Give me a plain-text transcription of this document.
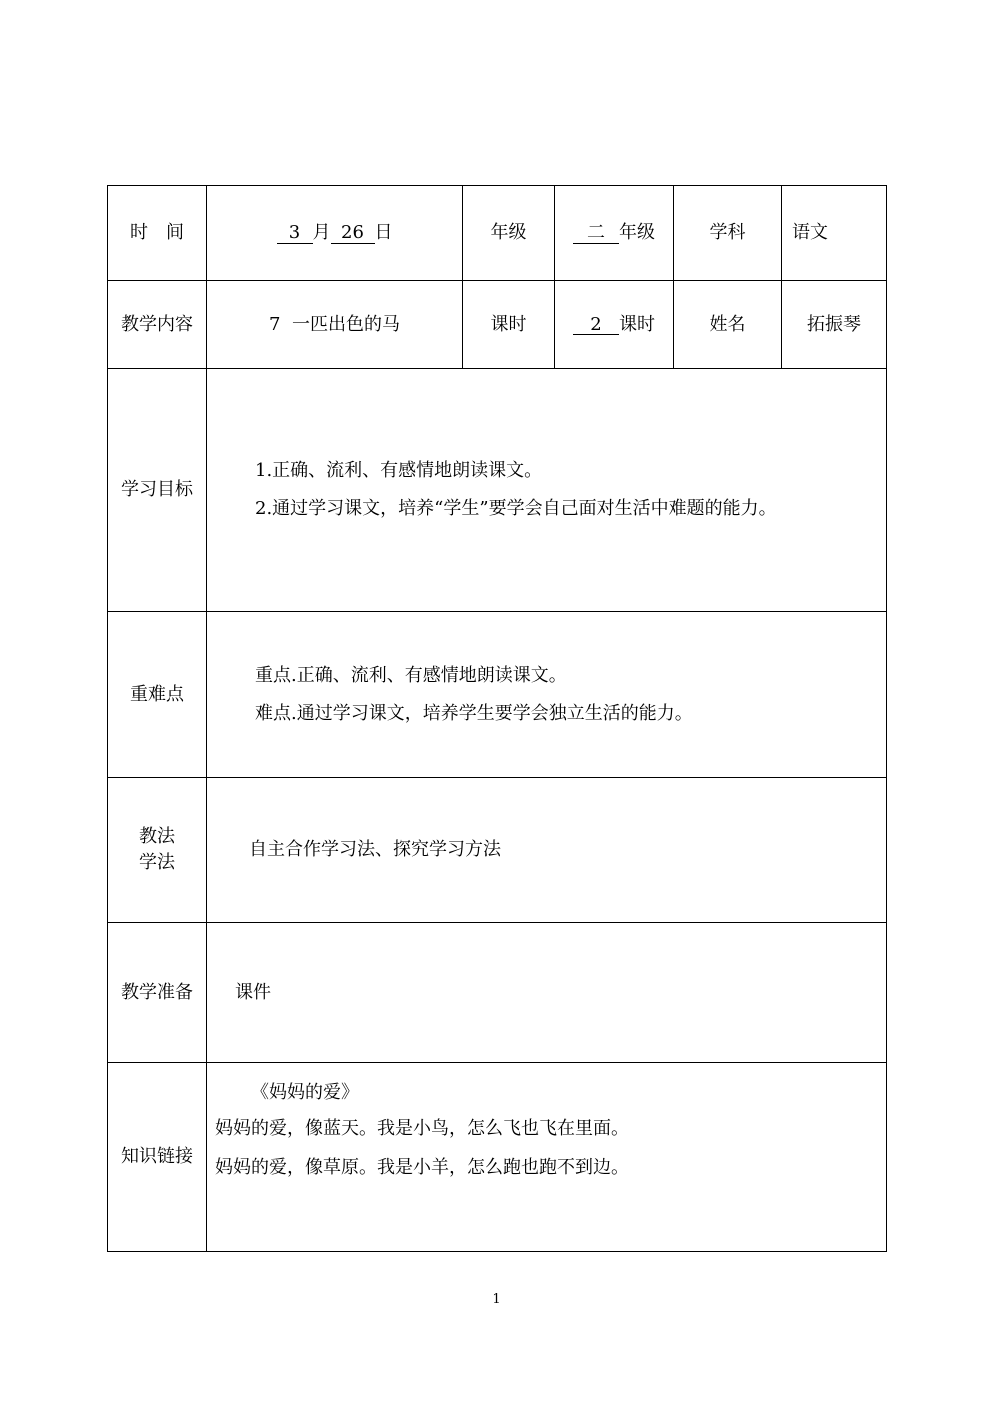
时　间	3 月 26 日	年级	二 年级	学科	语文
教学内容	7  一匹出色的马	课时	2 课时	姓名	拓振琴
学习目标	1.正确、流利、有感情地朗读课文。
2.通过学习课文，培养“学生”要学会自己面对生活中难题的能力。				

重难点	重点.正确、流利、有感情地朗读课文。
难点.通过学习课文，培养学生要学会独立生活的能力。				

教法
学法	自主合作学习法、探究学习方法				
教学准备	课件				
知识链接	《妈妈的爱》
妈妈的爱，像蓝天。我是小鸟，怎么飞也飞在里面。
妈妈的爱，像草原。我是小羊，怎么跑也跑不到边。				
1
